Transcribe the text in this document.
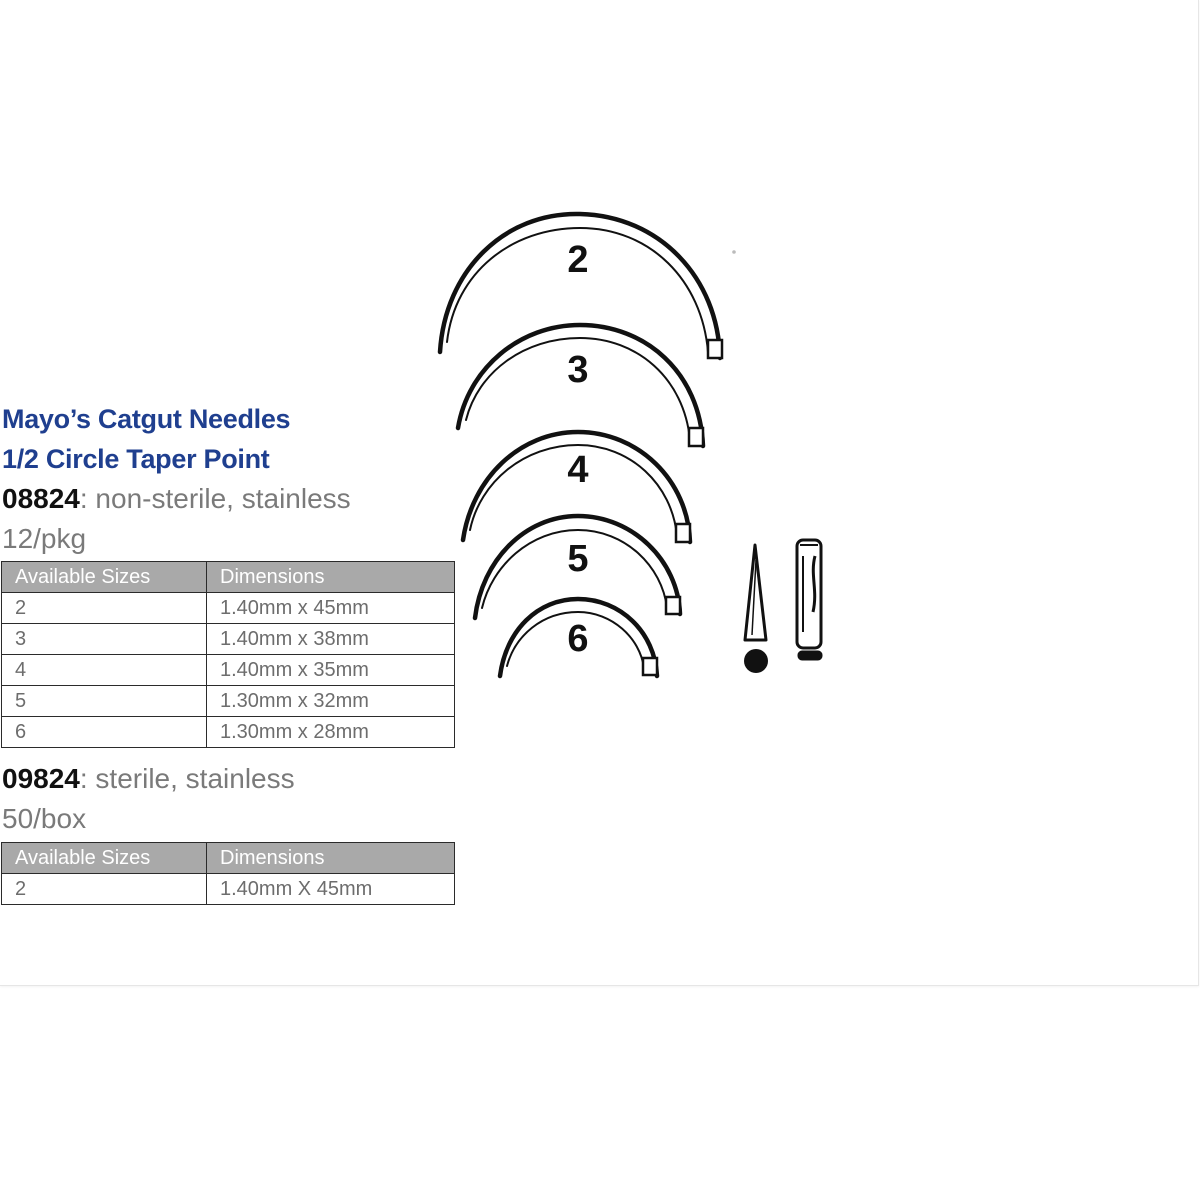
Mayo’s Catgut Needles
1/2 Circle Taper Point
08824: non-sterile, stainless
12/pkg
Available Sizes	Dimensions
2	1.40mm x 45mm
3	1.40mm x 38mm
4	1.40mm x 35mm
5	1.30mm x 32mm
6	1.30mm x 28mm
09824: sterile, stainless
50/box
Available Sizes	Dimensions
2	1.40mm X 45mm
2
3
4
5
6
